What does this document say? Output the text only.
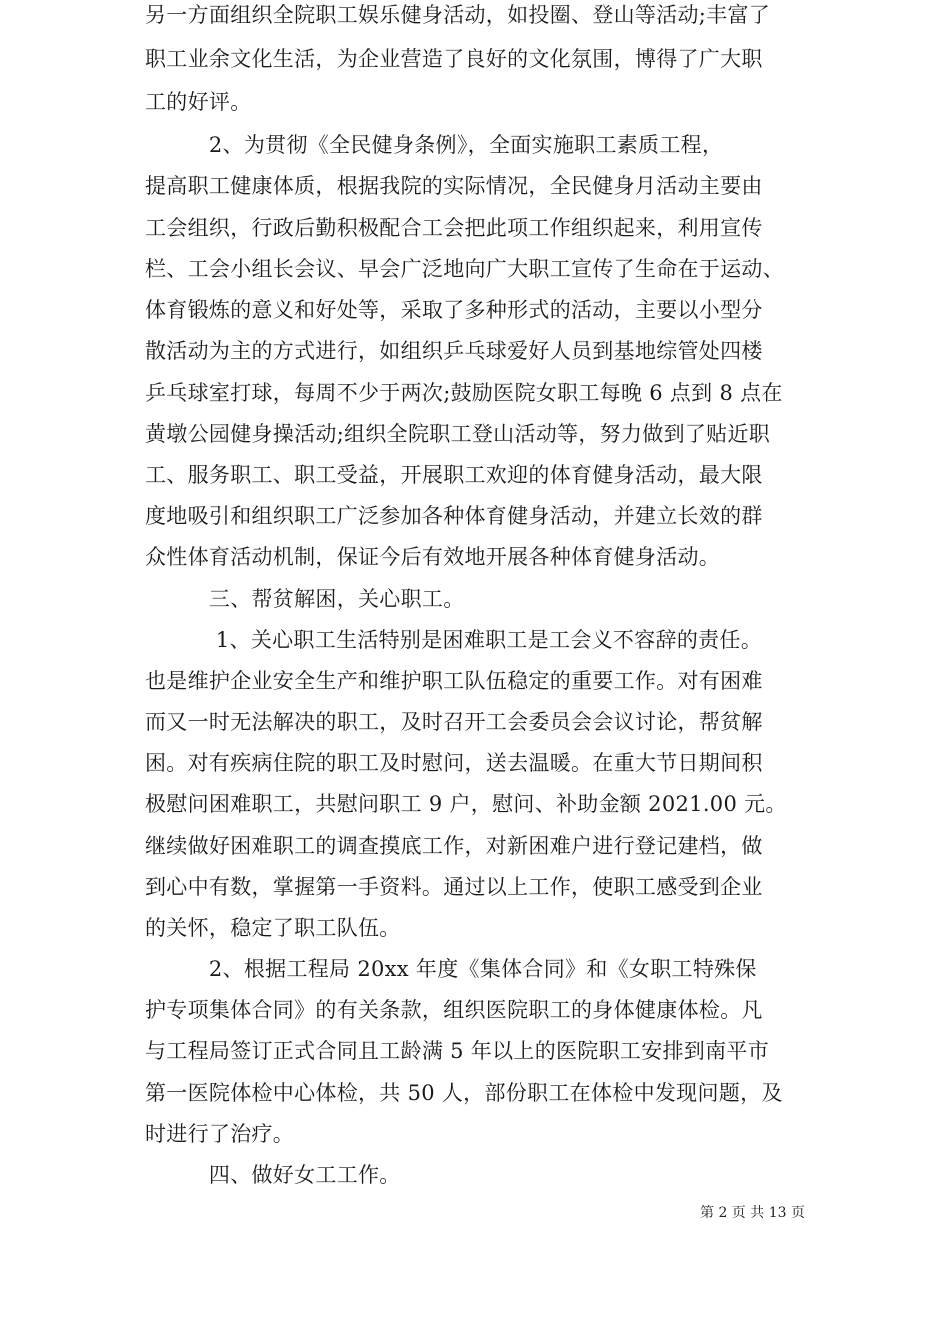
另一方面组织全院职工娱乐健身活动，如投圈、登山等活动;丰富了
职工业余文化生活，为企业营造了良好的文化氛围，博得了广大职
工的好评。
　　　2、为贯彻《全民健身条例》，全面实施职工素质工程，
提高职工健康体质，根据我院的实际情况，全民健身月活动主要由
工会组织，行政后勤积极配合工会把此项工作组织起来，利用宣传
栏、工会小组长会议、早会广泛地向广大职工宣传了生命在于运动、
体育锻炼的意义和好处等，采取了多种形式的活动，主要以小型分
散活动为主的方式进行，如组织乒乓球爱好人员到基地综管处四楼
乒乓球室打球，每周不少于两次;鼓励医院女职工每晚 6 点到 8 点在
黄墩公园健身操活动;组织全院职工登山活动等，努力做到了贴近职
工、服务职工、职工受益，开展职工欢迎的体育健身活动，最大限
度地吸引和组织职工广泛参加各种体育健身活动，并建立长效的群
众性体育活动机制，保证今后有效地开展各种体育健身活动。
　　　三、帮贫解困，关心职工。
　　　 1、关心职工生活特别是困难职工是工会义不容辞的责任。
也是维护企业安全生产和维护职工队伍稳定的重要工作。对有困难
而又一时无法解决的职工，及时召开工会委员会会议讨论，帮贫解
困。对有疾病住院的职工及时慰问，送去温暖。在重大节日期间积
极慰问困难职工，共慰问职工 9 户，慰问、补助金额 2021.00 元。
继续做好困难职工的调查摸底工作，对新困难户进行登记建档，做
到心中有数，掌握第一手资料。通过以上工作，使职工感受到企业
的关怀，稳定了职工队伍。
　　　2、根据工程局 20xx 年度《集体合同》和《女职工特殊保
护专项集体合同》的有关条款，组织医院职工的身体健康体检。凡
与工程局签订正式合同且工龄满 5 年以上的医院职工安排到南平市
第一医院体检中心体检，共 50 人，部份职工在体检中发现问题，及
时进行了治疗。
　　　四、做好女工工作。
第 2 页 共 13 页
